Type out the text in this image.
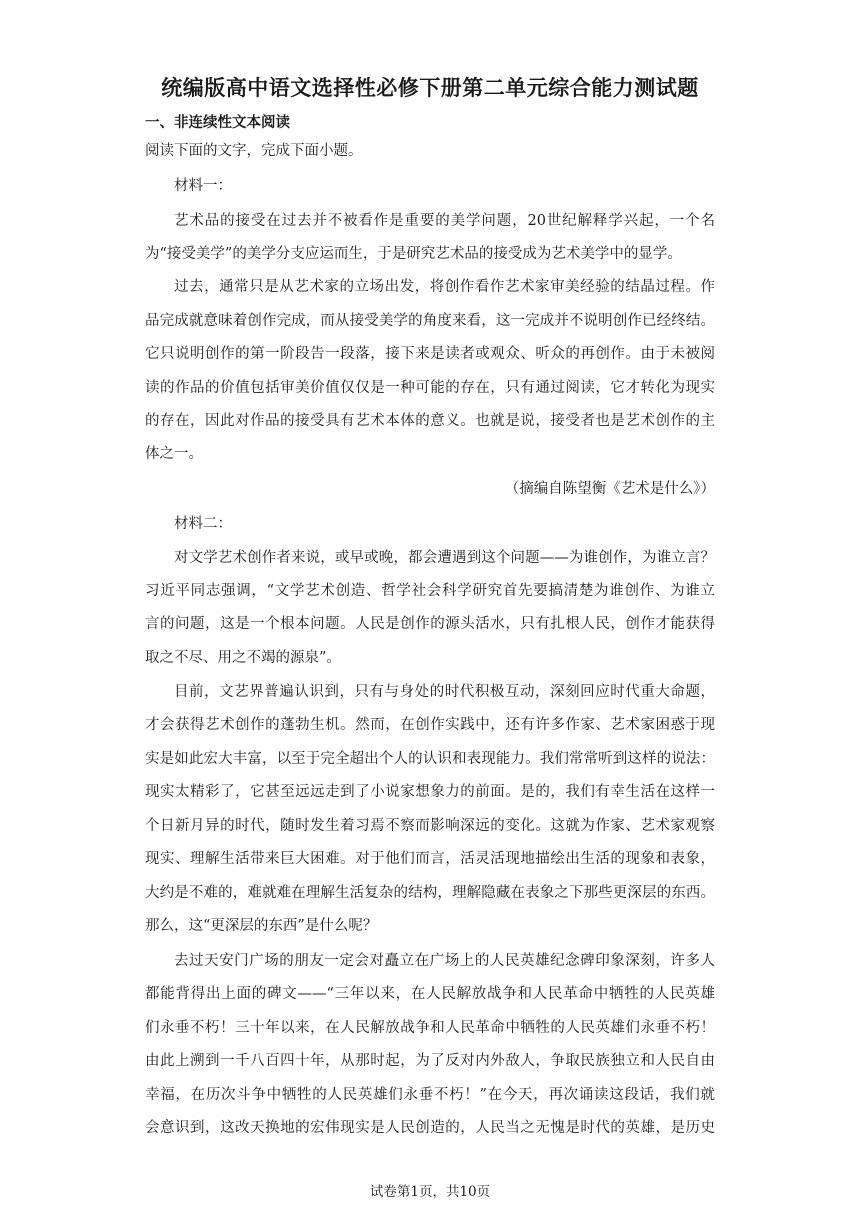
统编版高中语文选择性必修下册第二单元综合能力测试题
一、非连续性文本阅读
阅读下面的文字，完成下面小题。
材料一：
艺术品的接受在过去并不被看作是重要的美学问题，20世纪解释学兴起，一个名
为“接受美学”的美学分支应运而生，于是研究艺术品的接受成为艺术美学中的显学。
过去，通常只是从艺术家的立场出发，将创作看作艺术家审美经验的结晶过程。作
品完成就意味着创作完成，而从接受美学的角度来看，这一完成并不说明创作已经终结。
它只说明创作的第一阶段告一段落，接下来是读者或观众、听众的再创作。由于未被阅
读的作品的价值包括审美价值仅仅是一种可能的存在，只有通过阅读，它才转化为现实
的存在，因此对作品的接受具有艺术本体的意义。也就是说，接受者也是艺术创作的主
体之一。
（摘编自陈望衡《艺术是什么》）
材料二：
对文学艺术创作者来说，或早或晚，都会遭遇到这个问题——为谁创作，为谁立言？
习近平同志强调，“文学艺术创造、哲学社会科学研究首先要搞清楚为谁创作、为谁立
言的问题，这是一个根本问题。人民是创作的源头活水，只有扎根人民，创作才能获得
取之不尽、用之不竭的源泉”。
目前，文艺界普遍认识到，只有与身处的时代积极互动，深刻回应时代重大命题，
才会获得艺术创作的蓬勃生机。然而，在创作实践中，还有许多作家、艺术家困惑于现
实是如此宏大丰富，以至于完全超出个人的认识和表现能力。我们常常听到这样的说法：
现实太精彩了，它甚至远远走到了小说家想象力的前面。是的，我们有幸生活在这样一
个日新月异的时代，随时发生着习焉不察而影响深远的变化。这就为作家、艺术家观察
现实、理解生活带来巨大困难。对于他们而言，活灵活现地描绘出生活的现象和表象，
大约是不难的，难就难在理解生活复杂的结构，理解隐藏在表象之下那些更深层的东西。
那么，这“更深层的东西”是什么呢？
去过天安门广场的朋友一定会对矗立在广场上的人民英雄纪念碑印象深刻，许多人
都能背得出上面的碑文——“三年以来，在人民解放战争和人民革命中牺牲的人民英雄
们永垂不朽！三十年以来，在人民解放战争和人民革命中牺牲的人民英雄们永垂不朽！
由此上溯到一千八百四十年，从那时起，为了反对内外敌人，争取民族独立和人民自由
幸福，在历次斗争中牺牲的人民英雄们永垂不朽！”在今天，再次诵读这段话，我们就
会意识到，这改天换地的宏伟现实是人民创造的，人民当之无愧是时代的英雄，是历史
试卷第1页，共10页
